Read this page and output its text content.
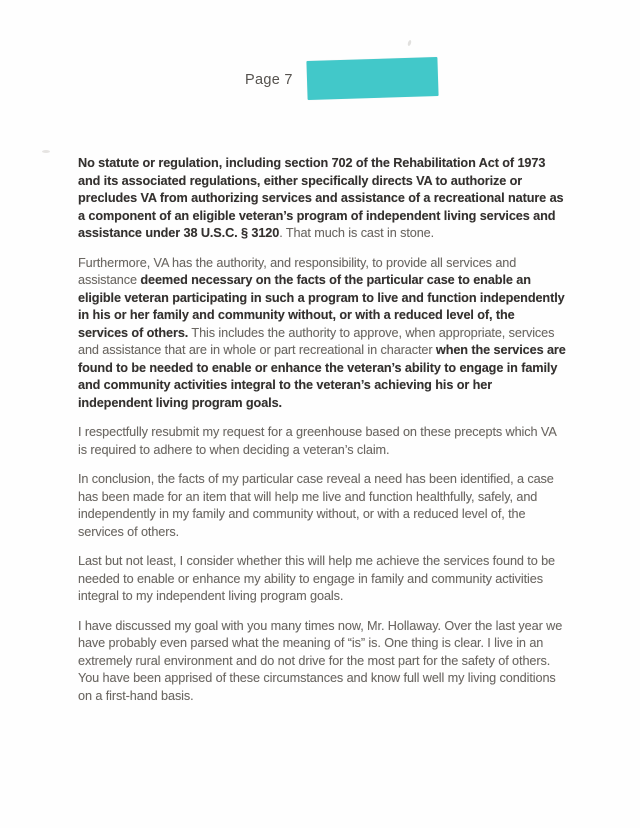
Page 7

No statute or regulation, including section 702 of the Rehabilitation Act of 1973 and its associated regulations, either specifically directs VA to authorize or precludes VA from authorizing services and assistance of a recreational nature as a component of an eligible veteran’s program of independent living services and assistance under 38 U.S.C. § 3120. That much is cast in stone.

Furthermore, VA has the authority, and responsibility, to provide all services and assistance deemed necessary on the facts of the particular case to enable an eligible veteran participating in such a program to live and function independently in his or her family and community without, or with a reduced level of, the services of others. This includes the authority to approve, when appropriate, services and assistance that are in whole or part recreational in character when the services are found to be needed to enable or enhance the veteran’s ability to engage in family and community activities integral to the veteran’s achieving his or her independent living program goals.

I respectfully resubmit my request for a greenhouse based on these precepts which VA is required to adhere to when deciding a veteran’s claim.

In conclusion, the facts of my particular case reveal a need has been identified, a case has been made for an item that will help me live and function healthfully, safely, and independently in my family and community without, or with a reduced level of, the services of others.

Last but not least, I consider whether this will help me achieve the services found to be needed to enable or enhance my ability to engage in family and community activities integral to my independent living program goals.

I have discussed my goal with you many times now, Mr. Hollaway. Over the last year we have probably even parsed what the meaning of “is” is. One thing is clear. I live in an extremely rural environment and do not drive for the most part for the safety of others. You have been apprised of these circumstances and know full well my living conditions on a first-hand basis.
